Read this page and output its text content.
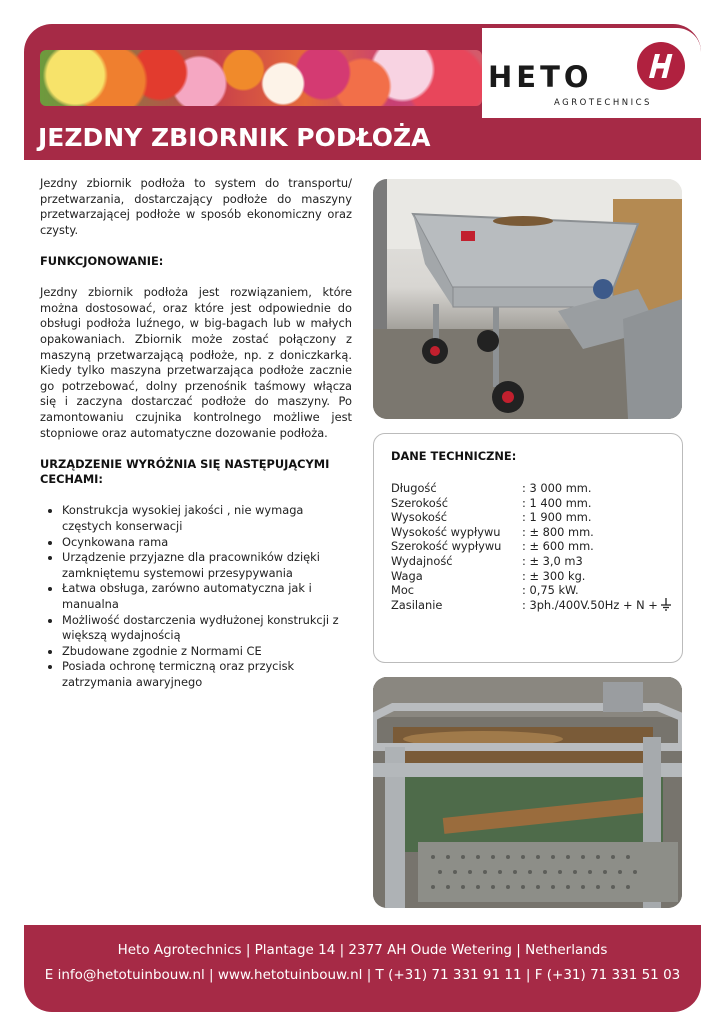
HETO
AGROTECHNICS
JEZDNY ZBIORNIK PODŁOŻA

Jezdny zbiornik podłoża to system do transportu/ przetwarzania, dostarczający podłoże do maszyny przetwarzającej podłoże w sposób ekonomiczny oraz czysty.

FUNKCJONOWANIE:

Jezdny zbiornik podłoża jest rozwiązaniem, które można dostosować, oraz które jest odpowiednie do obsługi podłoża luźnego, w big-bagach lub w małych opakowaniach. Zbiornik może zostać połączony z maszyną przetwarzającą podłoże, np. z doniczkarką. Kiedy tylko maszyna przetwarzająca podłoże zacznie go potrzebować, dolny przenośnik taśmowy włącza się i zaczyna dostarczać podłoże do maszyny. Po zamontowaniu czujnika kontrolnego możliwe jest stopniowe oraz automatyczne dozowanie podłoża.

URZĄDZENIE WYRÓŻNIA SIĘ NASTĘPUJĄCYMI CECHAMI:
• Konstrukcja wysokiej jakości , nie wymaga częstych konserwacji
• Ocynkowana rama
• Urządzenie przyjazne dla pracowników dzięki zamkniętemu systemowi przesypywania
• Łatwa obsługa, zarówno automatyczna jak i manualna
• Możliwość dostarczenia wydłużonej konstrukcji z większą wydajnością
• Zbudowane zgodnie z Normami CE
• Posiada ochronę termiczną oraz przycisk zatrzymania awaryjnego
DANE TECHNICZNE:
Długość	: 3 000 mm.
Szerokość	: 1 400 mm.
Wysokość	: 1 900 mm.
Wysokość wypływu : ± 800 mm.
Szerokość wypływu : ± 600 mm.
Wydajność	: ± 3,0 m3
Waga	: ± 300 kg.
Moc	: 0,75 kW.
Zasilanie	: 3ph./400V.50Hz + N +
Heto Agrotechnics | Plantage 14 | 2377 AH Oude Wetering | Netherlands
E info@hetotuinbouw.nl | www.hetotuinbouw.nl | T (+31) 71 331 91 11 | F (+31) 71 331 51 03
